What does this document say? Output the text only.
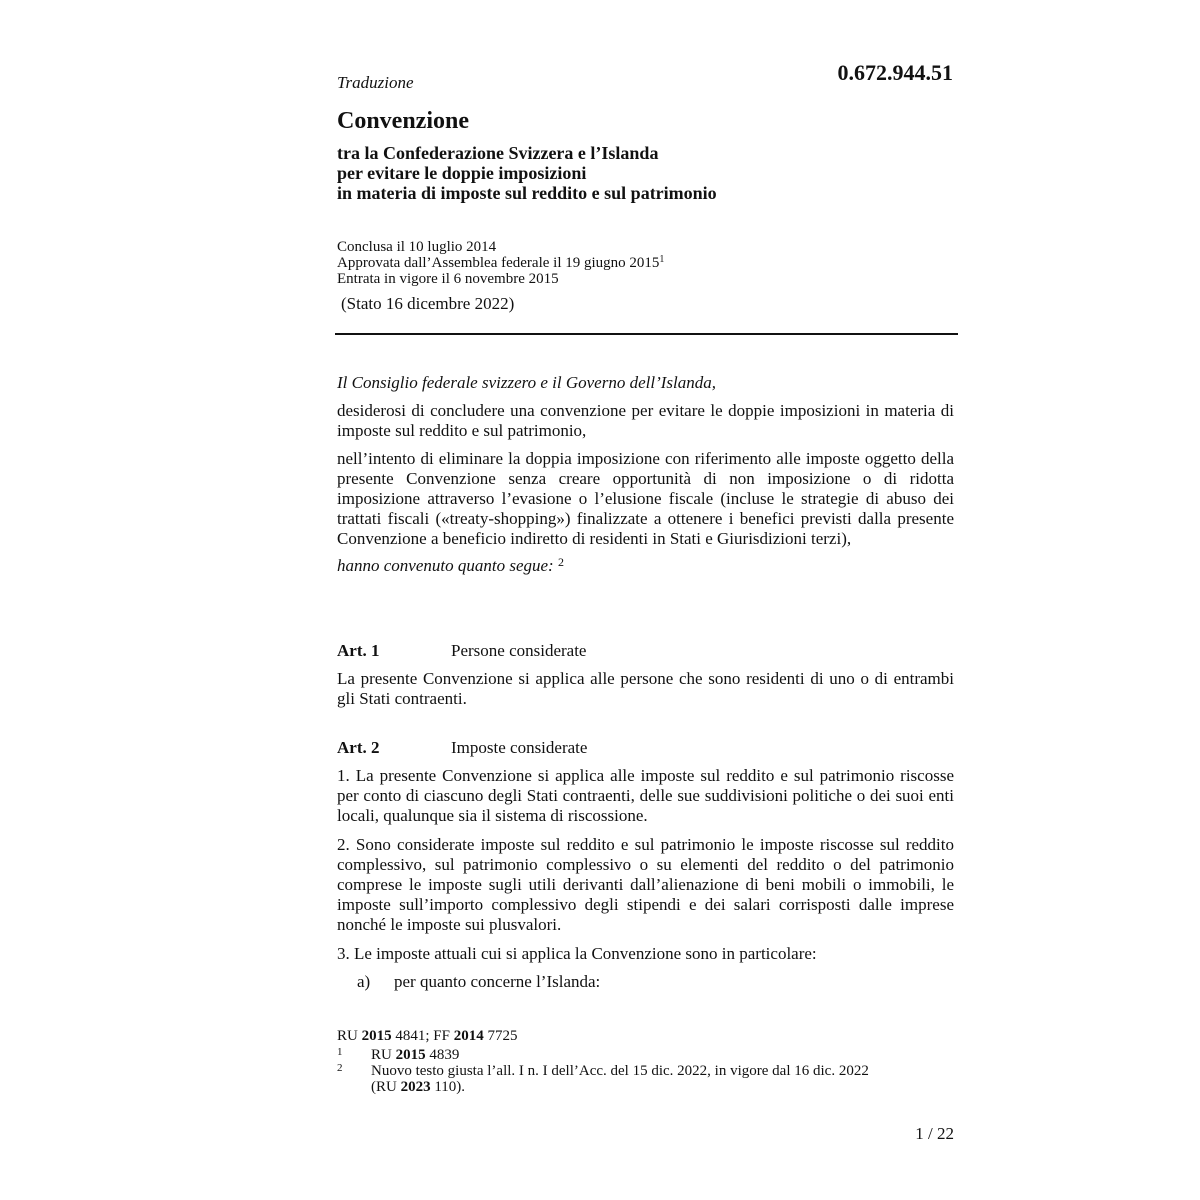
0.672.944.51
Traduzione
Convenzione
tra la Confederazione Svizzera e l’Islanda
per evitare le doppie imposizioni
in materia di imposte sul reddito e sul patrimonio
Conclusa il 10 luglio 2014
Approvata dall’Assemblea federale il 19 giugno 2015$^1$
Entrata in vigore il 6 novembre 2015
(Stato 16 dicembre 2022)
Il Consiglio federale svizzero e il Governo dell’Islanda,
desiderosi di concludere una convenzione per evitare le doppie imposizioni in materia di imposte sul reddito e sul patrimonio,
nell’intento di eliminare la doppia imposizione con riferimento alle imposte oggetto della presente Convenzione senza creare opportunità di non imposizione o di ridotta imposizione attraverso l’evasione o l’elusione fiscale (incluse le strategie di abuso dei trattati fiscali («treaty-shopping») finalizzate a ottenere i benefici previsti dalla presente Convenzione a beneficio indiretto di residenti in Stati e Giurisdizioni terzi),
hanno convenuto quanto segue: $^2$
Art. 1	Persone considerate
La presente Convenzione si applica alle persone che sono residenti di uno o di entrambi gli Stati contraenti.
Art. 2	Imposte considerate
1. La presente Convenzione si applica alle imposte sul reddito e sul patrimonio riscosse per conto di ciascuno degli Stati contraenti, delle sue suddivisioni politiche o dei suoi enti locali, qualunque sia il sistema di riscossione.
2. Sono considerate imposte sul reddito e sul patrimonio le imposte riscosse sul reddito complessivo, sul patrimonio complessivo o su elementi del reddito o del patrimonio comprese le imposte sugli utili derivanti dall’alienazione di beni mobili o immobili, le imposte sull’importo complessivo degli stipendi e dei salari corrisposti dalle imprese nonché le imposte sui plusvalori.
3. Le imposte attuali cui si applica la Convenzione sono in particolare:
a) per quanto concerne l’Islanda:
RU 2015 4841; FF 2014 7725
1 RU 2015 4839
2 Nuovo testo giusta l’all. I n. I dell’Acc. del 15 dic. 2022, in vigore dal 16 dic. 2022
(RU 2023 110).
1 / 22
